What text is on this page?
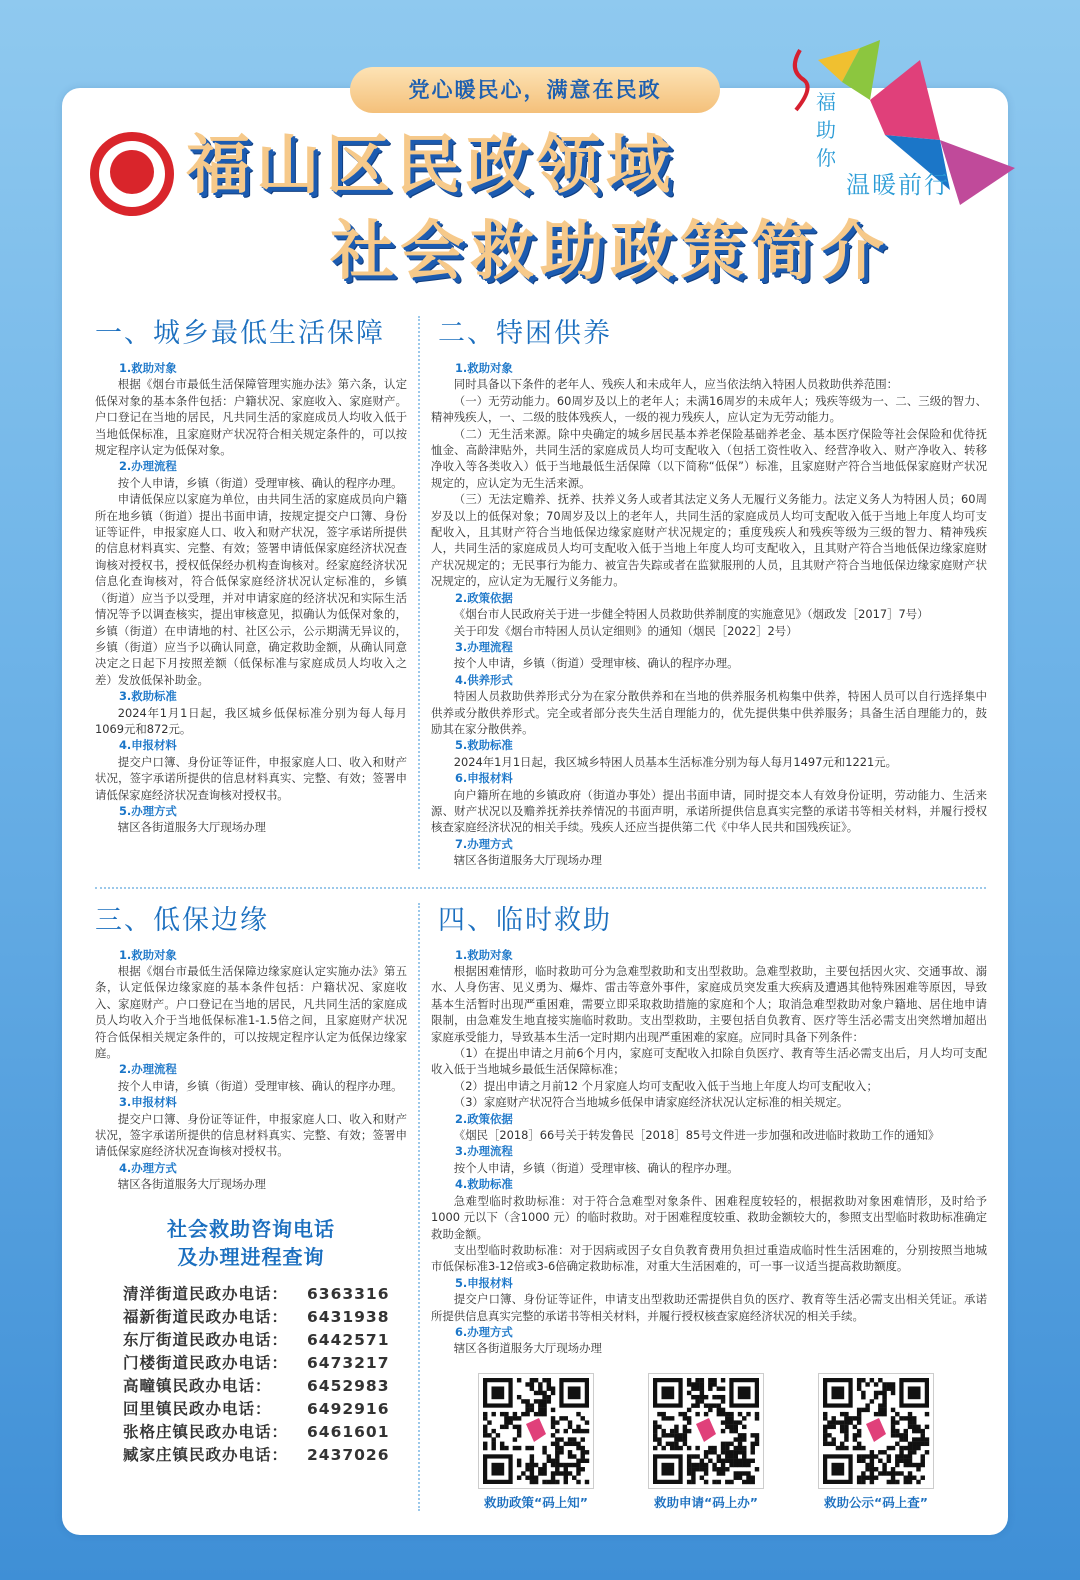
党心暖民心，满意在民政
福山区民政领域
社会救助政策简介
福助你
温暖前行
一、城乡最低生活保障
1.救助对象

根据《烟台市最低生活保障管理实施办法》第六条，认定低保对象的基本条件包括：户籍状况、家庭收入、家庭财产。户口登记在当地的居民，凡共同生活的家庭成员人均收入低于当地低保标准，且家庭财产状况符合相关规定条件的，可以按规定程序认定为低保对象。

2.办理流程

按个人申请，乡镇（街道）受理审核、确认的程序办理。

申请低保应以家庭为单位，由共同生活的家庭成员向户籍所在地乡镇（街道）提出书面申请，按规定提交户口簿、身份证等证件，申报家庭人口、收入和财产状况，签字承诺所提供的信息材料真实、完整、有效；签署申请低保家庭经济状况查询核对授权书，授权低保经办机构查询核对。经家庭经济状况信息化查询核对，符合低保家庭经济状况认定标准的，乡镇（街道）应当予以受理，并对申请家庭的经济状况和实际生活情况等予以调查核实，提出审核意见，拟确认为低保对象的，乡镇（街道）在申请地的村、社区公示，公示期满无异议的，乡镇（街道）应当予以确认同意，确定救助金额，从确认同意决定之日起下月按照差额（低保标准与家庭成员人均收入之差）发放低保补助金。

3.救助标准

2024年1月1日起，我区城乡低保标准分别为每人每月1069元和872元。

4.申报材料

提交户口簿、身份证等证件，申报家庭人口、收入和财产状况，签字承诺所提供的信息材料真实、完整、有效；签署申请低保家庭经济状况查询核对授权书。

5.办理方式

辖区各街道服务大厅现场办理

二、特困供养
1.救助对象

同时具备以下条件的老年人、残疾人和未成年人，应当依法纳入特困人员救助供养范围：

（一）无劳动能力。60周岁及以上的老年人；未满16周岁的未成年人；残疾等级为一、二、三级的智力、精神残疾人，一、二级的肢体残疾人，一级的视力残疾人，应认定为无劳动能力。

（二）无生活来源。除中央确定的城乡居民基本养老保险基础养老金、基本医疗保险等社会保险和优待抚恤金、高龄津贴外，共同生活的家庭成员人均可支配收入（包括工资性收入、经营净收入、财产净收入、转移净收入等各类收入）低于当地最低生活保障（以下简称“低保”）标准，且家庭财产符合当地低保家庭财产状况规定的，应认定为无生活来源。

（三）无法定赡养、抚养、扶养义务人或者其法定义务人无履行义务能力。法定义务人为特困人员；60周岁及以上的低保对象；70周岁及以上的老年人，共同生活的家庭成员人均可支配收入低于当地上年度人均可支配收入，且其财产符合当地低保边缘家庭财产状况规定的；重度残疾人和残疾等级为三级的智力、精神残疾人，共同生活的家庭成员人均可支配收入低于当地上年度人均可支配收入，且其财产符合当地低保边缘家庭财产状况规定的；无民事行为能力、被宣告失踪或者在监狱服刑的人员，且其财产符合当地低保边缘家庭财产状况规定的，应认定为无履行义务能力。

2.政策依据

《烟台市人民政府关于进一步健全特困人员救助供养制度的实施意见》（烟政发［2017］7号）

关于印发《烟台市特困人员认定细则》的通知（烟民［2022］2号）

3.办理流程

按个人申请，乡镇（街道）受理审核、确认的程序办理。

4.供养形式

特困人员救助供养形式分为在家分散供养和在当地的供养服务机构集中供养，特困人员可以自行选择集中供养或分散供养形式。完全或者部分丧失生活自理能力的，优先提供集中供养服务；具备生活自理能力的，鼓励其在家分散供养。

5.救助标准

2024年1月1日起，我区城乡特困人员基本生活标准分别为每人每月1497元和1221元。

6.申报材料

向户籍所在地的乡镇政府（街道办事处）提出书面申请，同时提交本人有效身份证明，劳动能力、生活来源、财产状况以及赡养抚养扶养情况的书面声明，承诺所提供信息真实完整的承诺书等相关材料，并履行授权核查家庭经济状况的相关手续。残疾人还应当提供第二代《中华人民共和国残疾证》。

7.办理方式

辖区各街道服务大厅现场办理

三、低保边缘
1.救助对象

根据《烟台市最低生活保障边缘家庭认定实施办法》第五条，认定低保边缘家庭的基本条件包括：户籍状况、家庭收入、家庭财产。户口登记在当地的居民，凡共同生活的家庭成员人均收入介于当地低保标准1-1.5倍之间，且家庭财产状况符合低保相关规定条件的，可以按规定程序认定为低保边缘家庭。

2.办理流程

按个人申请，乡镇（街道）受理审核、确认的程序办理。

3.申报材料

提交户口簿、身份证等证件，申报家庭人口、收入和财产状况，签字承诺所提供的信息材料真实、完整、有效；签署申请低保家庭经济状况查询核对授权书。

4.办理方式

辖区各街道服务大厅现场办理

社会救助咨询电话
及办理进程查询
清洋街道民政办电话：	6363316
福新街道民政办电话：	6431938
东厅街道民政办电话：	6442571
门楼街道民政办电话：	6473217
高疃镇民政办电话：	6452983
回里镇民政办电话：	6492916
张格庄镇民政办电话：	6461601
臧家庄镇民政办电话：	2437026
四、临时救助
1.救助对象

根据困难情形，临时救助可分为急难型救助和支出型救助。急难型救助，主要包括因火灾、交通事故、溺水、人身伤害、见义勇为、爆炸、雷击等意外事件，家庭成员突发重大疾病及遭遇其他特殊困难等原因，导致基本生活暂时出现严重困难，需要立即采取救助措施的家庭和个人；取消急难型救助对象户籍地、居住地申请限制，由急难发生地直接实施临时救助。支出型救助，主要包括自负教育、医疗等生活必需支出突然增加超出家庭承受能力，导致基本生活一定时期内出现严重困难的家庭。应同时具备下列条件：

（1）在提出申请之月前6个月内，家庭可支配收入扣除自负医疗、教育等生活必需支出后，月人均可支配收入低于当地城乡最低生活保障标准；

（2）提出申请之月前12 个月家庭人均可支配收入低于当地上年度人均可支配收入；

（3）家庭财产状况符合当地城乡低保申请家庭经济状况认定标准的相关规定。

2.政策依据

《烟民［2018］66号关于转发鲁民［2018］85号文件进一步加强和改进临时救助工作的通知》

3.办理流程

按个人申请，乡镇（街道）受理审核、确认的程序办理。

4.救助标准

急难型临时救助标准：对于符合急难型对象条件、困难程度较轻的，根据救助对象困难情形，及时给予1000 元以下（含1000 元）的临时救助。对于困难程度较重、救助金额较大的，参照支出型临时救助标准确定救助金额。

支出型临时救助标准：对于因病或因子女自负教育费用负担过重造成临时性生活困难的，分别按照当地城市低保标准3-12倍或3-6倍确定救助标准，对重大生活困难的，可一事一议适当提高救助额度。

5.申报材料

提交户口簿、身份证等证件，申请支出型救助还需提供自负的医疗、教育等生活必需支出相关凭证。承诺所提供信息真实完整的承诺书等相关材料，并履行授权核查家庭经济状况的相关手续。

6.办理方式

辖区各街道服务大厅现场办理

救助政策“码上知”	救助申请“码上办”	救助公示“码上查”
